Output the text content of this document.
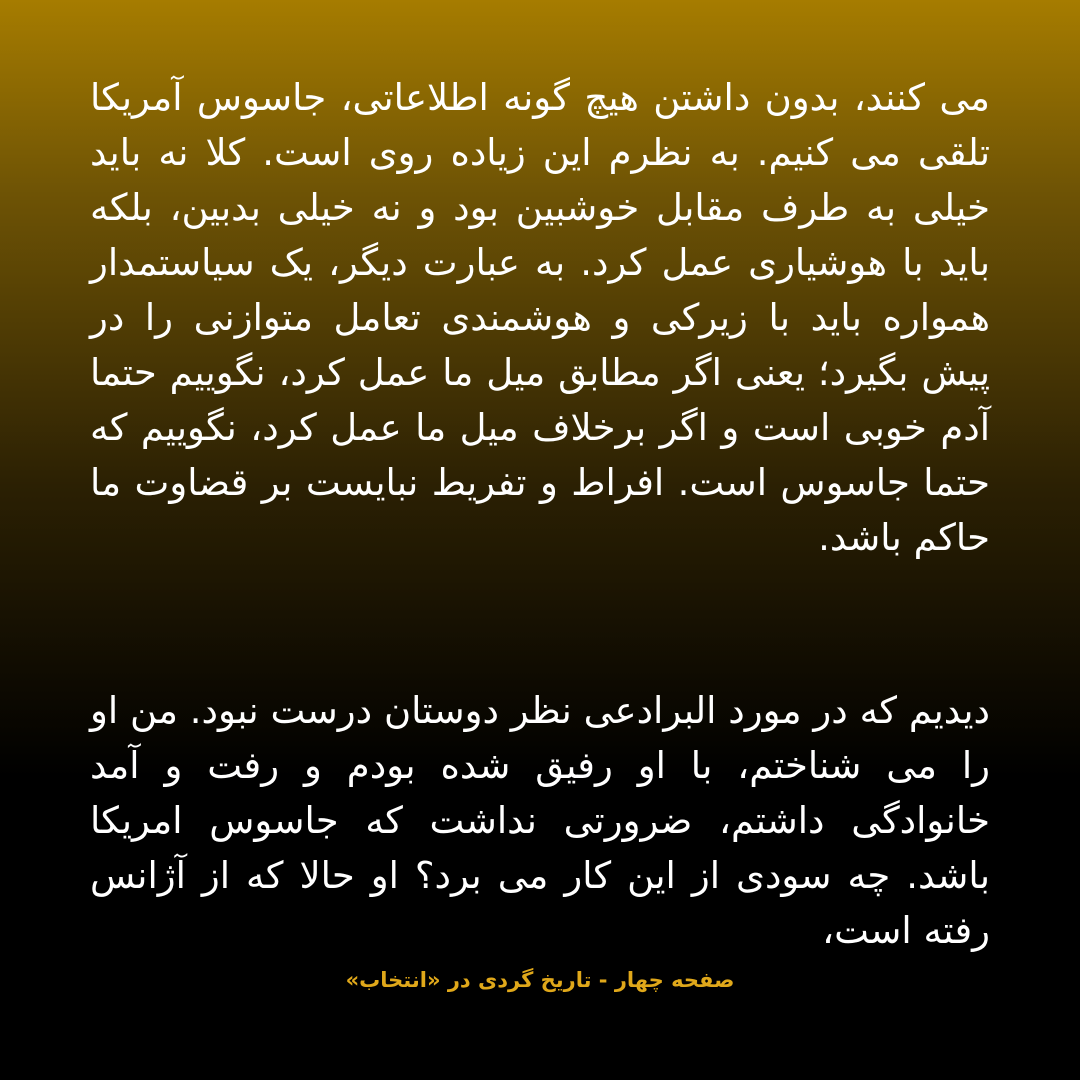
می کنند، بدون داشتن هیچ گونه اطلاعاتی، جاسوس آمریکا تلقی می کنیم. به نظرم این زیاده روی است. کلا نه باید خیلی به طرف مقابل خوشبین بود و نه خیلی بدبین، بلکه باید با هوشیاری عمل کرد. به عبارت دیگر، یک سیاستمدار همواره باید با زیرکی و هوشمندی تعامل متوازنی را در پیش بگیرد؛ یعنی اگر مطابق میل ما عمل کرد، نگوییم حتما آدم خوبی است و اگر برخلاف میل ما عمل کرد، نگوییم که حتما جاسوس است. افراط و تفریط نبایست بر قضاوت ما حاکم باشد.

دیدیم که در مورد البرادعی نظر دوستان درست نبود. من او را می شناختم، با او رفیق شده بودم و رفت و آمد خانوادگی داشتم، ضرورتی نداشت که جاسوس امریکا باشد. چه سودی از این کار می برد؟ او حالا که از آژانس رفته است،

صفحه چهار - تاریخ گردی در «انتخاب»
